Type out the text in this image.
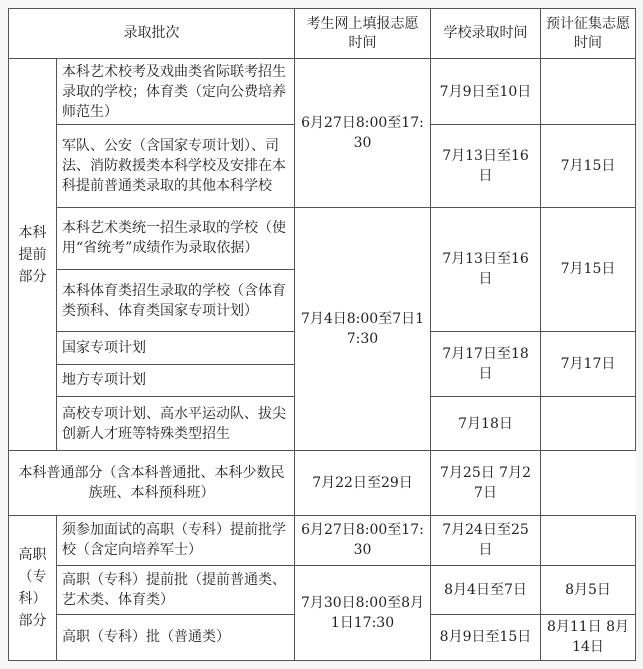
录取批次		考生网上填报志愿时间	学校录取时间	预计征集志愿时间
本科提前部分	本科艺术校考及戏曲类省际联考招生录取的学校；体育类（定向公费培养师范生）	6月27日8:00至17:30	7月9日至10日	
	军队、公安（含国家专项计划）、司法、消防救援类本科学校及安排在本科提前普通类录取的其他本科学校		7月13日至16日	7月15日
	本科艺术类统一招生录取的学校（使用“省统考”成绩作为录取依据）	7月4日8:00至7日17:30	7月13日至16日	7月15日
	本科体育类招生录取的学校（含体育类预科、体育类国家专项计划）			
	国家专项计划		7月17日至18日	7月17日
	地方专项计划			
	高校专项计划、高水平运动队、拔尖创新人才班等特殊类型招生		7月18日	
本科普通部分（含本科普通批、本科少数民族班、本科预科班）		7月22日至29日	7月25日 7月27日	
高职（专科）部分	须参加面试的高职（专科）提前批学校（含定向培养军士）	6月27日8:00至17:30	7月24日至25日	
	高职（专科）提前批（提前普通类、艺术类、体育类）	7月30日8:00至8月1日17:30	8月4日至7日	8月5日
	高职（专科）批（普通类）		8月9日至15日	8月11日 8月14日
